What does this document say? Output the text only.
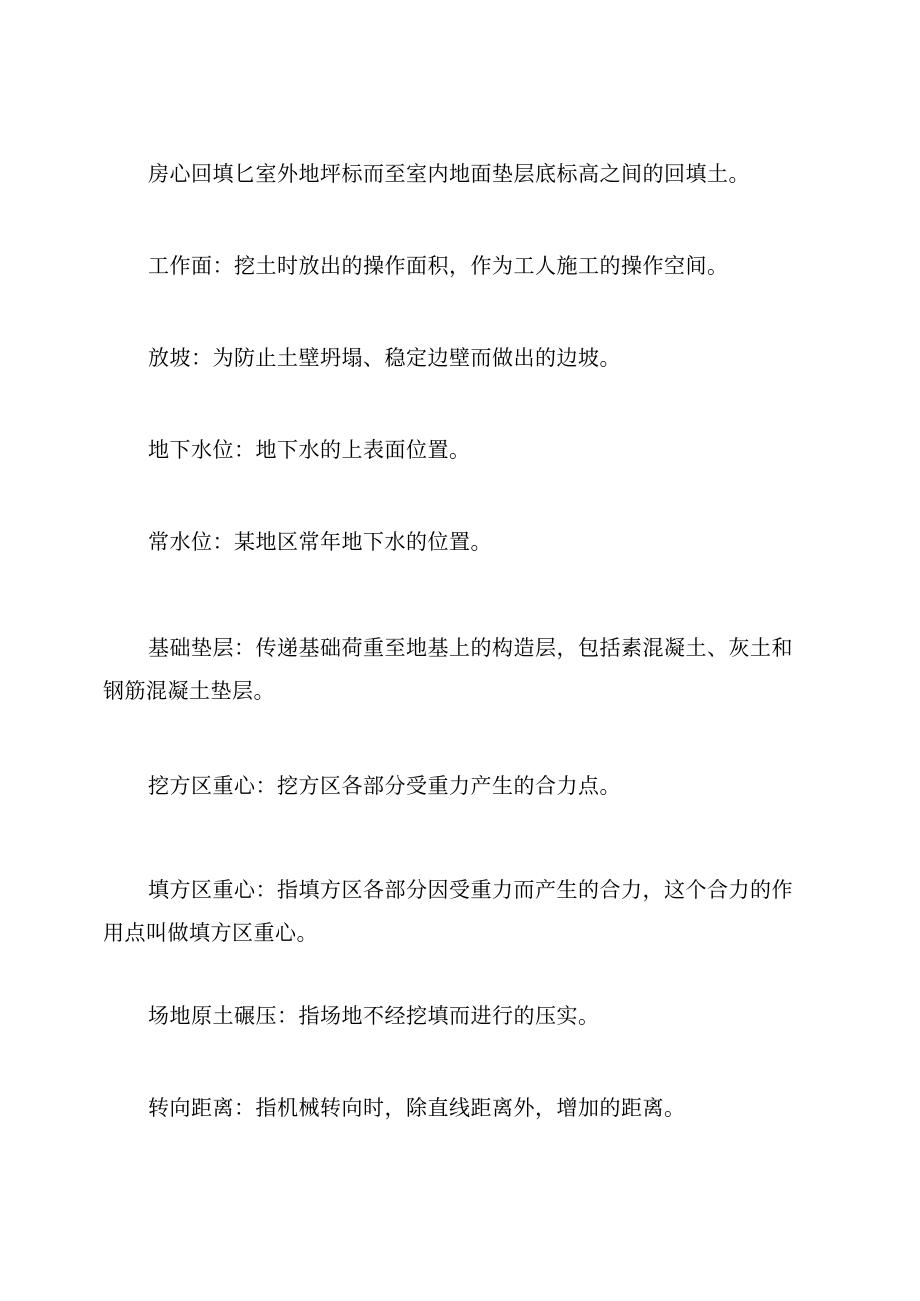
房心回填匕室外地坪标而至室内地面垫层底标高之间的回填土。

工作面：挖土时放出的操作面积，作为工人施工的操作空间。

放坡：为防止土壁坍塌、稳定边壁而做出的边坡。

地下水位：地下水的上表面位置。

常水位：某地区常年地下水的位置。

基础垫层：传递基础荷重至地基上的构造层，包括素混凝土、灰土和钢筋混凝土垫层。

挖方区重心：挖方区各部分受重力产生的合力点。

填方区重心：指填方区各部分因受重力而产生的合力，这个合力的作用点叫做填方区重心。

场地原土碾压：指场地不经挖填而进行的压实。

转向距离：指机械转向时，除直线距离外，增加的距离。
